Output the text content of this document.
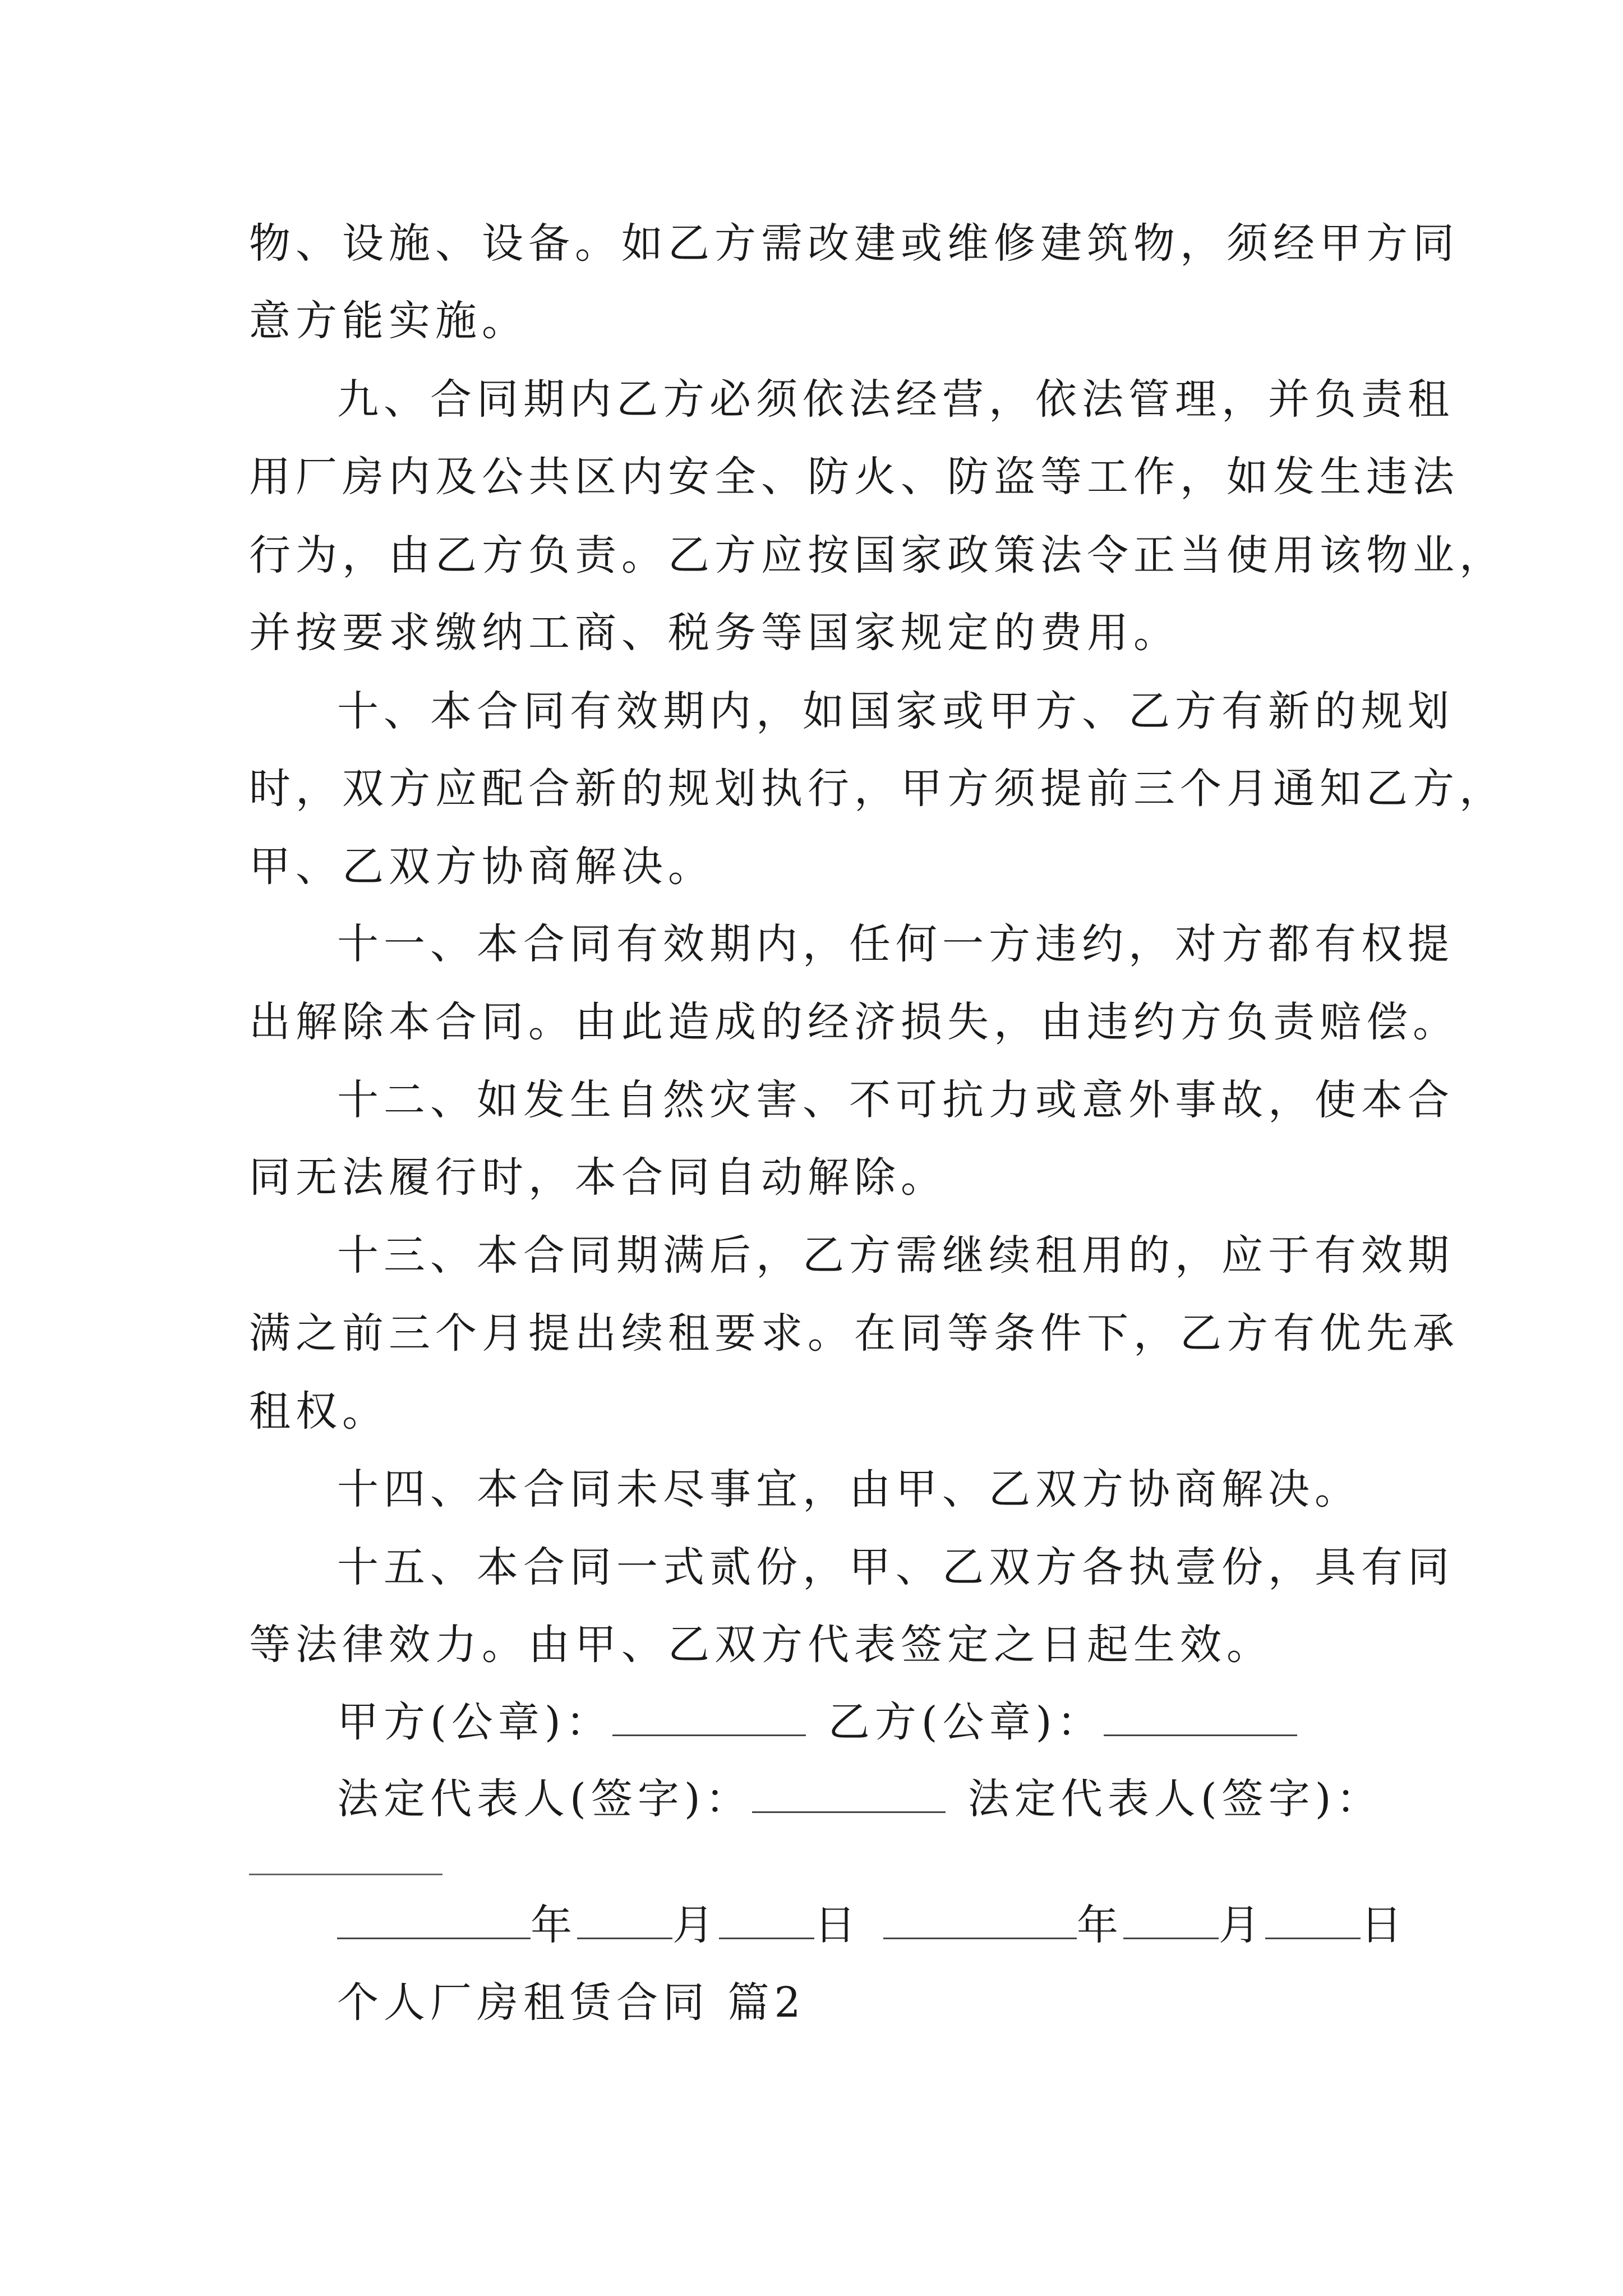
物、设施、设备。如乙方需改建或维修建筑物，须经甲方同
意方能实施。
九、合同期内乙方必须依法经营，依法管理，并负责租
用厂房内及公共区内安全、防火、防盗等工作，如发生违法
行为，由乙方负责。乙方应按国家政策法令正当使用该物业，
并按要求缴纳工商、税务等国家规定的费用。
十、本合同有效期内，如国家或甲方、乙方有新的规划
时，双方应配合新的规划执行，甲方须提前三个月通知乙方，
甲、乙双方协商解决。
十一、本合同有效期内，任何一方违约，对方都有权提
出解除本合同。由此造成的经济损失，由违约方负责赔偿。
十二、如发生自然灾害、不可抗力或意外事故，使本合
同无法履行时，本合同自动解除。
十三、本合同期满后，乙方需继续租用的，应于有效期
满之前三个月提出续租要求。在同等条件下，乙方有优先承
租权。
十四、本合同未尽事宜，由甲、乙双方协商解决。
十五、本合同一式贰份，甲、乙双方各执壹份，具有同
等法律效力。由甲、乙双方代表签定之日起生效。
甲方(公章)：	乙方(公章)：
法定代表人(签字)：	法定代表人(签字)：
年 月 日	年 月 日
个人厂房租赁合同 篇2
